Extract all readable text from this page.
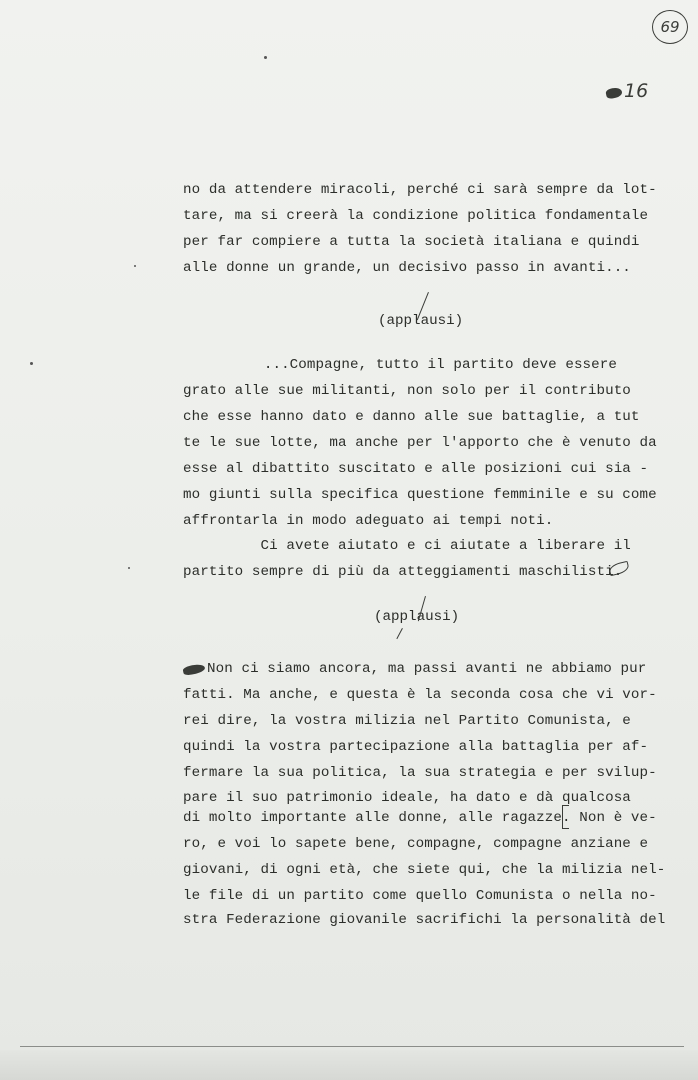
69
16
no da attendere miracoli, perché ci sarà sempre da lot-
tare, ma si creerà la condizione politica fondamentale
per far compiere a tutta la società italiana e quindi
alle donne un grande, un decisivo passo in avanti...
(applausi)
...Compagne, tutto il partito deve essere
grato alle sue militanti, non solo per il contributo
che esse hanno dato e danno alle sue battaglie, a tut
te le sue lotte, ma anche per l'apporto che è venuto da
esse al dibattito suscitato e alle posizioni cui sia -
mo giunti sulla specifica questione femminile e su come
affrontarla in modo adeguato ai tempi noti.
Ci avete aiutato e ci aiutate a liberare il
partito sempre di più da atteggiamenti maschilisti.
(applausi)
Non ci siamo ancora, ma passi avanti ne abbiamo pur
fatti. Ma anche, e questa è la seconda cosa che vi vor-
rei dire, la vostra milizia nel Partito Comunista, e
quindi la vostra partecipazione alla battaglia per af-
fermare la sua politica, la sua strategia e per svilup-
pare il suo patrimonio ideale, ha dato e dà qualcosa
di molto importante alle donne, alle ragazze. Non è ve-
ro, e voi lo sapete bene, compagne, compagne anziane e
giovani, di ogni età, che siete qui, che la milizia nel-
le file di un partito come quello Comunista o nella no-
stra Federazione giovanile sacrifichi la personalità del
